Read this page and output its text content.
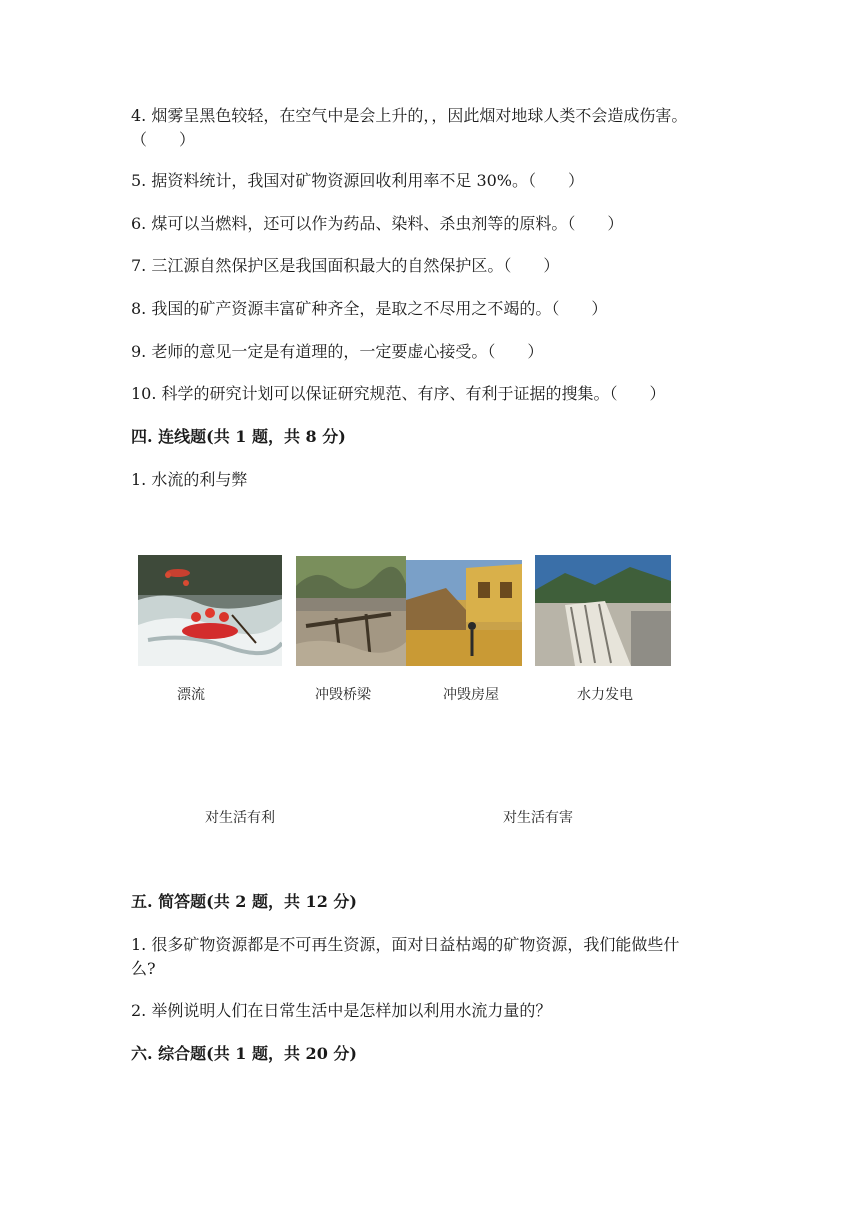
4. 烟雾呈黑色较轻，在空气中是会上升的，，因此烟对地球人类不会造成伤害。
（　　）
5. 据资料统计，我国对矿物资源回收利用率不足 30%。（　　）
6. 煤可以当燃料，还可以作为药品、染料、杀虫剂等的原料。（　　）
7. 三江源自然保护区是我国面积最大的自然保护区。（　　）
8. 我国的矿产资源丰富矿种齐全，是取之不尽用之不竭的。（　　）
9. 老师的意见一定是有道理的，一定要虚心接受。（　　）
10. 科学的研究计划可以保证研究规范、有序、有利于证据的搜集。（　　）
四. 连线题(共 1 题，共 8 分)
1. 水流的利与弊
漂流	冲毁桥梁	冲毁房屋	水力发电
对生活有利	对生活有害
五. 简答题(共 2 题，共 12 分)
1. 很多矿物资源都是不可再生资源，面对日益枯竭的矿物资源，我们能做些什
么?
2. 举例说明人们在日常生活中是怎样加以利用水流力量的？
六. 综合题(共 1 题，共 20 分)
